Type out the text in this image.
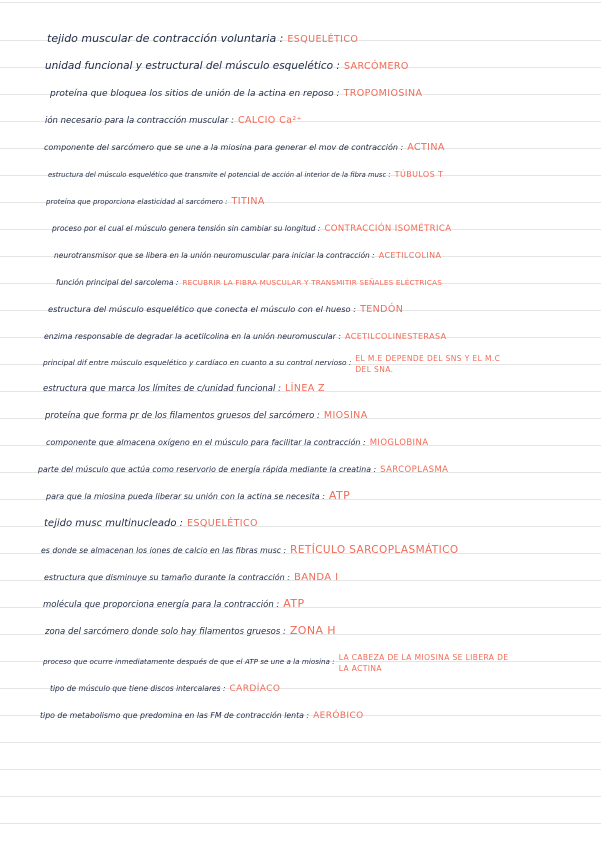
tejido muscular de contracción voluntaria : ESQUELÉTICO
unidad funcional y estructural del músculo esquelético : SARCÓMERO
proteína que bloquea los sitios de unión de la actina en reposo : TROPOMIOSINA
ión necesario para la contracción muscular : CALCIO Ca²⁺
componente del sarcómero que se une a la miosina para generar el mov de contracción : ACTINA
estructura del músculo esquelético que transmite el potencial de acción al interior de la fibra musc : TÚBULOS T
proteína que proporciona elasticidad al sarcómero : TITINA
proceso por el cual el músculo genera tensión sin cambiar su longitud : CONTRACCIÓN ISOMÉTRICA
neurotransmisor que se libera en la unión neuromuscular para iniciar la contracción : ACETILCOLINA
función principal del sarcolema : RECUBRIR LA FIBRA MUSCULAR Y TRANSMITIR SEÑALES ELÉCTRICAS
estructura del músculo esquelético que conecta el músculo con el hueso : TENDÓN
enzima responsable de degradar la acetilcolina en la unión neuromuscular : ACETILCOLINESTERASA
principal dif entre músculo esquelético y cardíaco en cuanto a su control nervioso : EL M.E DEPENDE DEL SNS Y EL M.C DEL SNA.
estructura que marca los límites de c/unidad funcional : LÍNEA Z
proteína que forma pr de los filamentos gruesos del sarcómero : MIOSINA
componente que almacena oxígeno en el músculo para facilitar la contracción : MIOGLOBINA
parte del músculo que actúa como reservorio de energía rápida mediante la creatina : SARCOPLASMA
para que la miosina pueda liberar su unión con la actina se necesita : ATP
tejido musc multinucleado : ESQUELÉTICO
es donde se almacenan los iones de calcio en las fibras musc : RETÍCULO SARCOPLASMÁTICO
estructura que disminuye su tamaño durante la contracción : BANDA I
molécula que proporciona energía para la contracción : ATP
zona del sarcómero donde solo hay filamentos gruesos : ZONA H
proceso que ocurre inmediatamente después de que el ATP se une a la miosina : LA CABEZA DE LA MIOSINA SE LIBERA DE LA ACTINA
tipo de músculo que tiene discos intercalares : CARDÍACO
tipo de metabolismo que predomina en las FM de contracción lenta : AERÓBICO
